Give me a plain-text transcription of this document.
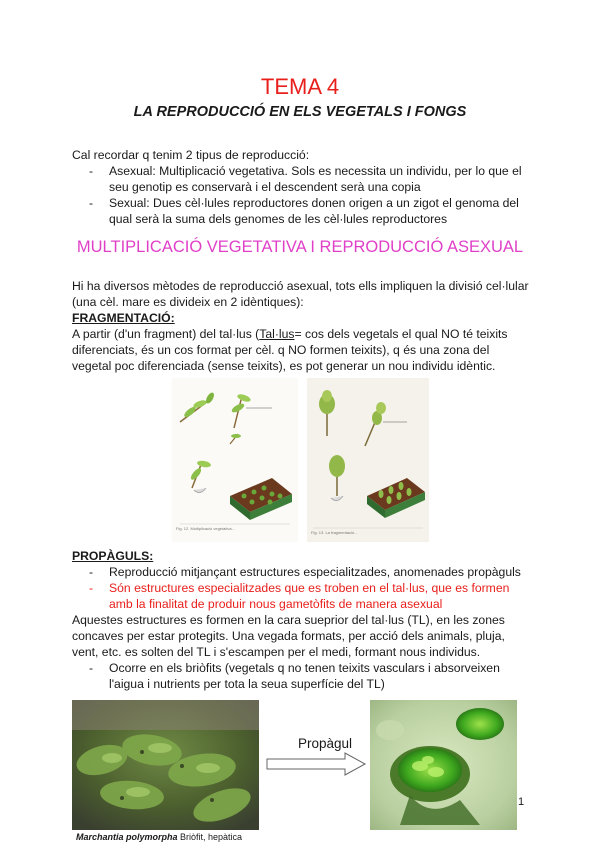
TEMA 4
LA REPRODUCCIÓ EN ELS VEGETALS I FONGS
Cal recordar q tenim 2 tipus de reproducció:
- Asexual: Multiplicació vegetativa. Sols es necessita un individu, per lo que el
seu genotip es conservarà i el descendent serà una copia
- Sexual: Dues cèl·lules reproductores donen origen a un zigot el genoma del
qual serà la suma dels genomes de les cèl·lules reproductores
MULTIPLICACIÓ VEGETATIVA I REPRODUCCIÓ ASEXUAL
Hi ha diversos mètodes de reproducció asexual, tots ells impliquen la divisió cel·lular
(una cèl. mare es divideix en 2 idèntiques):
FRAGMENTACIÓ:
A partir (d'un fragment) del tal·lus (Tal·lus= cos dels vegetals el qual NO té teixits
diferenciats, és un cos format per cèl. q NO formen teixits), q és una zona del
vegetal poc diferenciada (sense teixits), es pot generar un nou individu idèntic.
Fig. 12. Multiplicació vegetativa...
Fig. 13. La fragmentació...
PROPÀGULS:
- Reproducció mitjançant estructures especialitzades, anomenades propàguls
- Són estructures especialitzades que es troben en el tal·lus, que es formen
amb la finalitat de produir nous gametòfits de manera asexual
Aquestes estructures es formen en la cara sueprior del tal·lus (TL), en les zones
concaves per estar protegits. Una vegada formats, per acció dels animals, pluja,
vent, etc. es solten del TL i s'escampen per el medi, formant nous individus.
- Ocorre en els briòfits (vegetals q no tenen teixits vasculars i absorveixen
l'aigua i nutrients per tota la seua superfície del TL)
Propàgul
Marchantia polymorpha Briòfit, hepàtica
1
